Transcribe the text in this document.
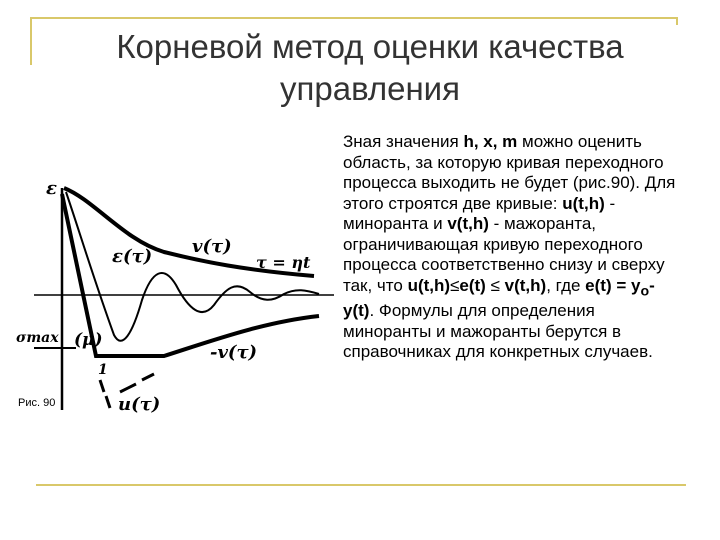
Корневой метод оценки качества
управления
ε
v(τ)
ε(τ)	τ = ηt
σmax (μ)
-v(τ)
u(τ)
1
Рис. 90
Зная значения h, x, m можно оценить область, за которую кривая переходного процесса выходить не будет (рис.90). Для этого строятся две кривые: u(t,h) - миноранта и v(t,h) - мажоранта, ограничивающая кривую переходного процесса соответственно снизу и сверху так, что u(t,h)≤e(t) ≤ v(t,h), где $e(t) = y_o-$ y(t). Формулы для определения миноранты и мажоранты берутся в справочниках для конкретных случаев.
